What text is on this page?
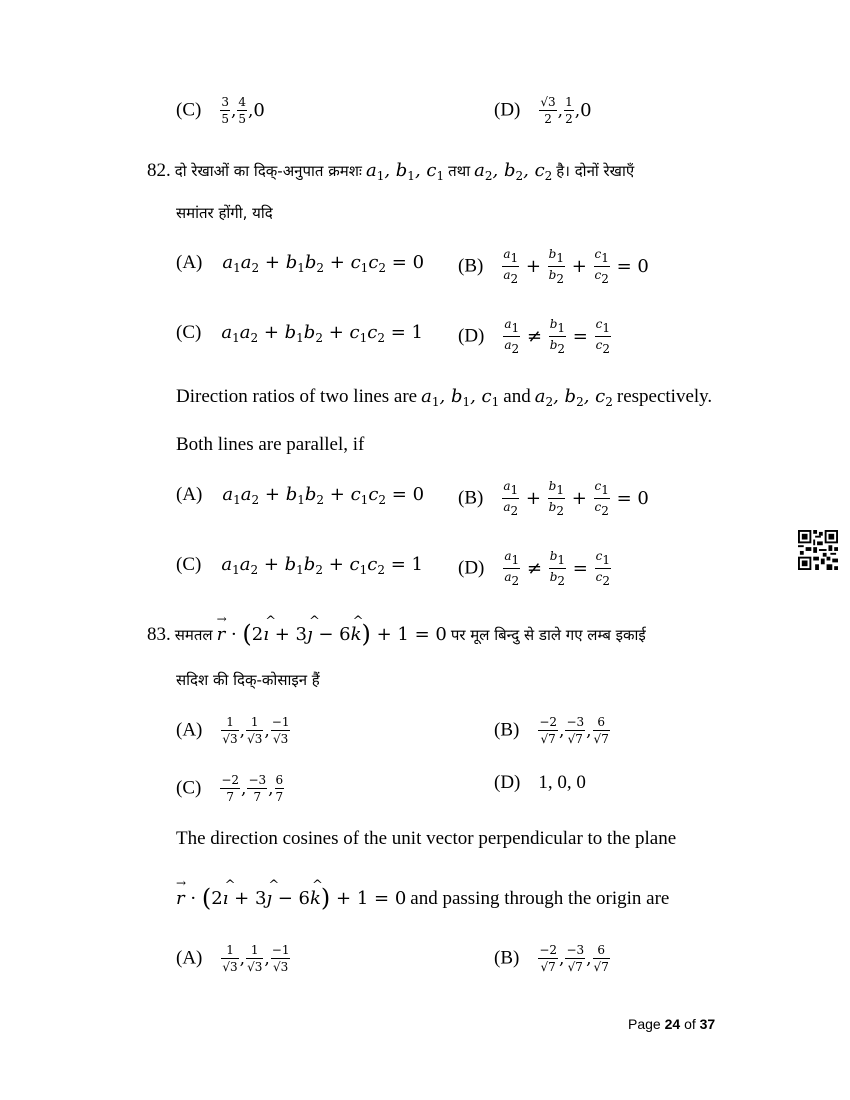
$(C) \frac{3}{5}$ , $\frac{4}{5} ,0$	$(D) \frac{√3}{2}$ , $\frac{1}{2} ,0$
82. दो रेखाओं का दिक्-अनुपात क्रमशः $a_1$, $b_1$, $c_1$ तथा $a_2$, $b_2$, $c_2$ है। दोनों रेखाएँ
समांतर होंगी, यदि
(A) $a_1a_2 + b_1b_2 + c_1c_2 = 0$ $(B) \frac{a1}{a2} + \frac{b1}{b2} + \frac{c1}{c2} = 0$
(C) $a_1a_2 + b_1b_2 + c_1c_2 = 1$ $(D) \frac{a1}{a2} \ne \frac{b1}{b2} = \frac{c1}{c2}$
Direction ratios of two lines are $a_1$, $b_1$, $c_1$ and $a_2$, $b_2$, $c_2$ respectively.
Both lines are parallel, if
(A) $a_1a_2 + b_1b_2 + c_1c_2 = 0$ $(B) \frac{a1}{a2} + \frac{b1}{b2} + \frac{c1}{c2} = 0$
(C) $a_1a_2 + b_1b_2 + c_1c_2 = 1$ $(D) \frac{a1}{a2} \ne \frac{b1}{b2} = \frac{c1}{c2}$
83. समतल r → · (2ı ^ + 3ȷ ^ − 6k ^) + 1 = 0 पर मूल बिन्दु से डाले गए लम्ब इकाई
सदिश की दिक्-कोसाइन हैं
$(A) \frac{1}{√3}$ , $\frac{1}{√3}$ , $\frac{-1}{√3}$	$(B) \frac{-2}{√7}$ , $\frac{-3}{√7}$ , $\frac{6}{√7}$
$(C) \frac{-2}{7}$ , $\frac{-3}{7}$ , $\frac{6}{7}$	(D) 1, 0, 0
The direction cosines of the unit vector perpendicular to the plane
r → · (2ı ^ + 3ȷ ^ − 6k ^) + 1 = 0 and passing through the origin are
$(A) \frac{1}{√3}$ , $\frac{1}{√3}$ , $\frac{-1}{√3}$	$(B) \frac{-2}{√7}$ , $\frac{-3}{√7}$ , $\frac{6}{√7}$
Page 24 of 37
